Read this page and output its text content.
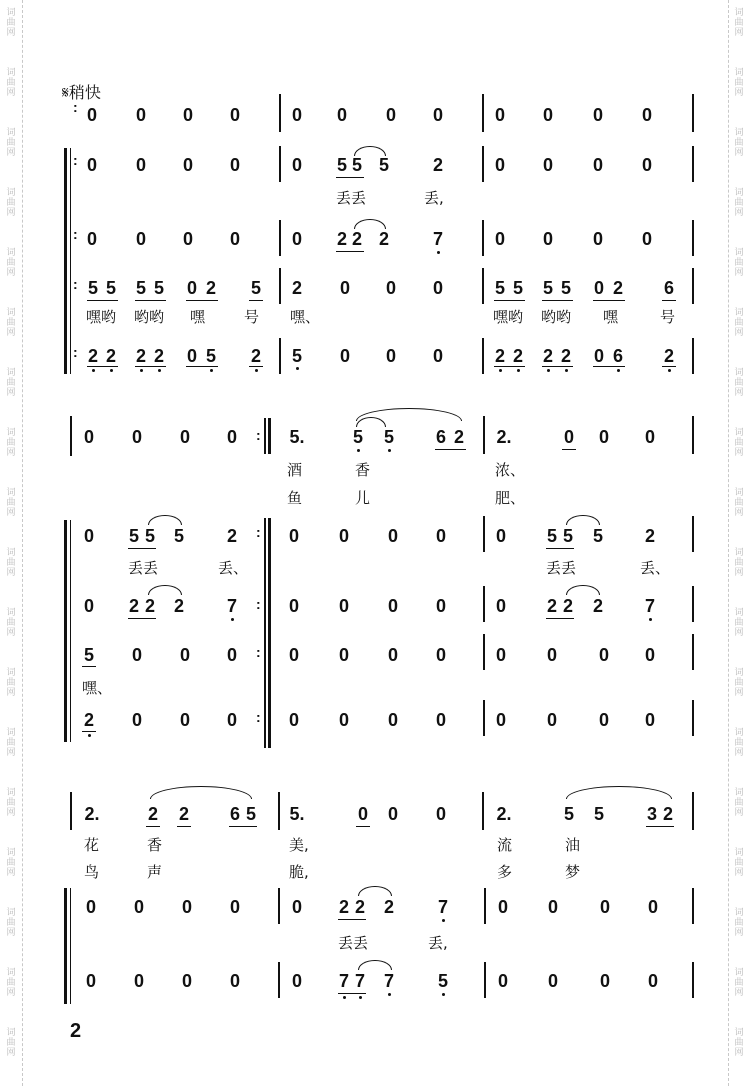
词曲网
词曲网
词曲网
词曲网
词曲网
词曲网
词曲网
词曲网
词曲网
词曲网
词曲网
词曲网
词曲网
词曲网
词曲网
词曲网
词曲网
词曲网
词曲网
词曲网
词曲网
词曲网
词曲网
词曲网
词曲网
词曲网
词曲网
词曲网
词曲网
词曲网
词曲网
词曲网
词曲网
词曲网
词曲网
词曲网
𝄋稍快
:
:
:
:
:
0 0 0 0	0 0 0 0	0 0 0 0
0 0 0 0	0 5 5 5 2	0 0 0 0
丢丢	丢,
0 0 0 0	0 2 2 2 7	0 0 0 0
5 5 5 5 0 2 5 2 0 0 0	5 5 5 5 0 2 6
嘿哟 哟哟 嘿	号 嘿、	嘿哟 哟哟 嘿	号
2 2 2 2 0 5 2 5 0 0 0	2 2 2 2 0 6 2
:
:
:
:
:
0 0 0 0	5.	5 5 6 2 2.	0 0 0
酒	香	浓、
鱼	儿	肥、
0 5 5 5 2	0 0 0 0	0 5 5 5 2
丢丢	丢、	丢丢	丢、
0 2 2 2 7	0 0 0 0	0 2 2 2 7
5 0 0 0	0 0 0 0	0 0 0 0
嘿、
2 0 0 0	0 0 0 0	0 0 0 0
2.	2 2 6 5 5.	0 0 0	2.	5 5 3 2
花	香	美,	流	油
鸟	声	脆,	多	梦
0 0 0 0	0 2 2 2 7	0 0 0 0
丢丢	丢,
0 0 0 0	0 7 7 7 5	0 0 0 0
2
